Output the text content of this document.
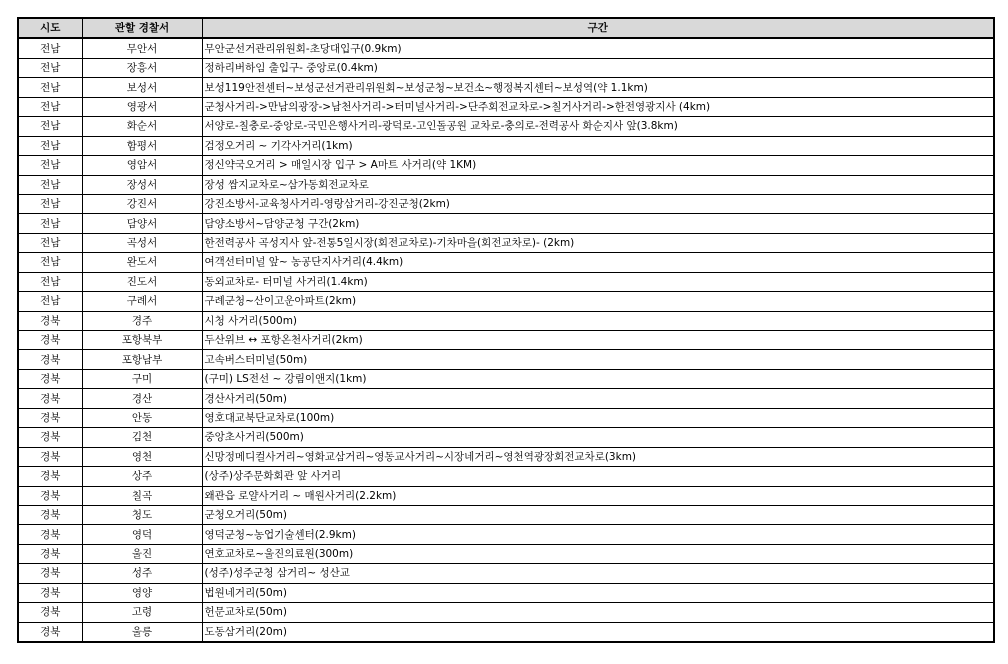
시도	관할 경찰서	구간
전남	무안서	무안군선거관리위원회-초당대입구(0.9km)
전남	장흥서	정하리버하임 출입구- 중앙로(0.4km)
전남	보성서	보성119안전센터~보성군선거관리위원회~보성군청~보건소~행정복지센터~보성역(약 1.1km)
전남	영광서	군청사거리->만남의광장->남천사거리->터미널사거리->단주회전교차로->칠거사거리->한전영광지사 (4km)
전남	화순서	서양로-칠충로-중앙로-국민은행사거리-광덕로-고인돌공원 교차로-충의로-전력공사 화순지사 앞(3.8km)
전남	함평서	검정오거리 ~ 기각사거리(1km)
전남	영암서	정신약국오거리 > 매일시장 입구 > A마트 사거리(약 1KM)
전남	장성서	장성 쌈지교차로~삼가동회전교차로
전남	강진서	강진소방서-교육청사거리-영랑삼거리-강진군청(2km)
전남	담양서	담양소방서~담양군청 구간(2km)
전남	곡성서	한전력공사 곡성지사 앞-전통5일시장(회전교차로)-기차마을(회전교차로)- (2km)
전남	완도서	여객선터미널 앞~ 농공단지사거리(4.4km)
전남	진도서	동외교차로- 터미널 사거리(1.4km)
전남	구례서	구례군청~산이고운아파트(2km)
경북	경주	시청 사거리(500m)
경북	포항북부	두산위브 ↔ 포항온천사거리(2km)
경북	포항남부	고속버스터미널(50m)
경북	구미	(구미) LS전선 ~ 강림이앤지(1km)
경북	경산	경산사거리(50m)
경북	안동	영호대교북단교차로(100m)
경북	김천	중앙초사거리(500m)
경북	영천	신망정메디컬사거리~영화교삼거리~영동교사거리~시장네거리~영천역광장회전교차로(3km)
경북	상주	(상주)상주문화회관 앞 사거리
경북	칠곡	왜관읍 로얄사거리 ~ 매원사거리(2.2km)
경북	청도	군청오거리(50m)
경북	영덕	영덕군청~농업기술센터(2.9km)
경북	울진	연호교차로~울진의료원(300m)
경북	성주	(성주)성주군청 삼거리~ 성산교
경북	영양	법원네거리(50m)
경북	고령	헌문교차로(50m)
경북	울릉	도동삼거리(20m)
